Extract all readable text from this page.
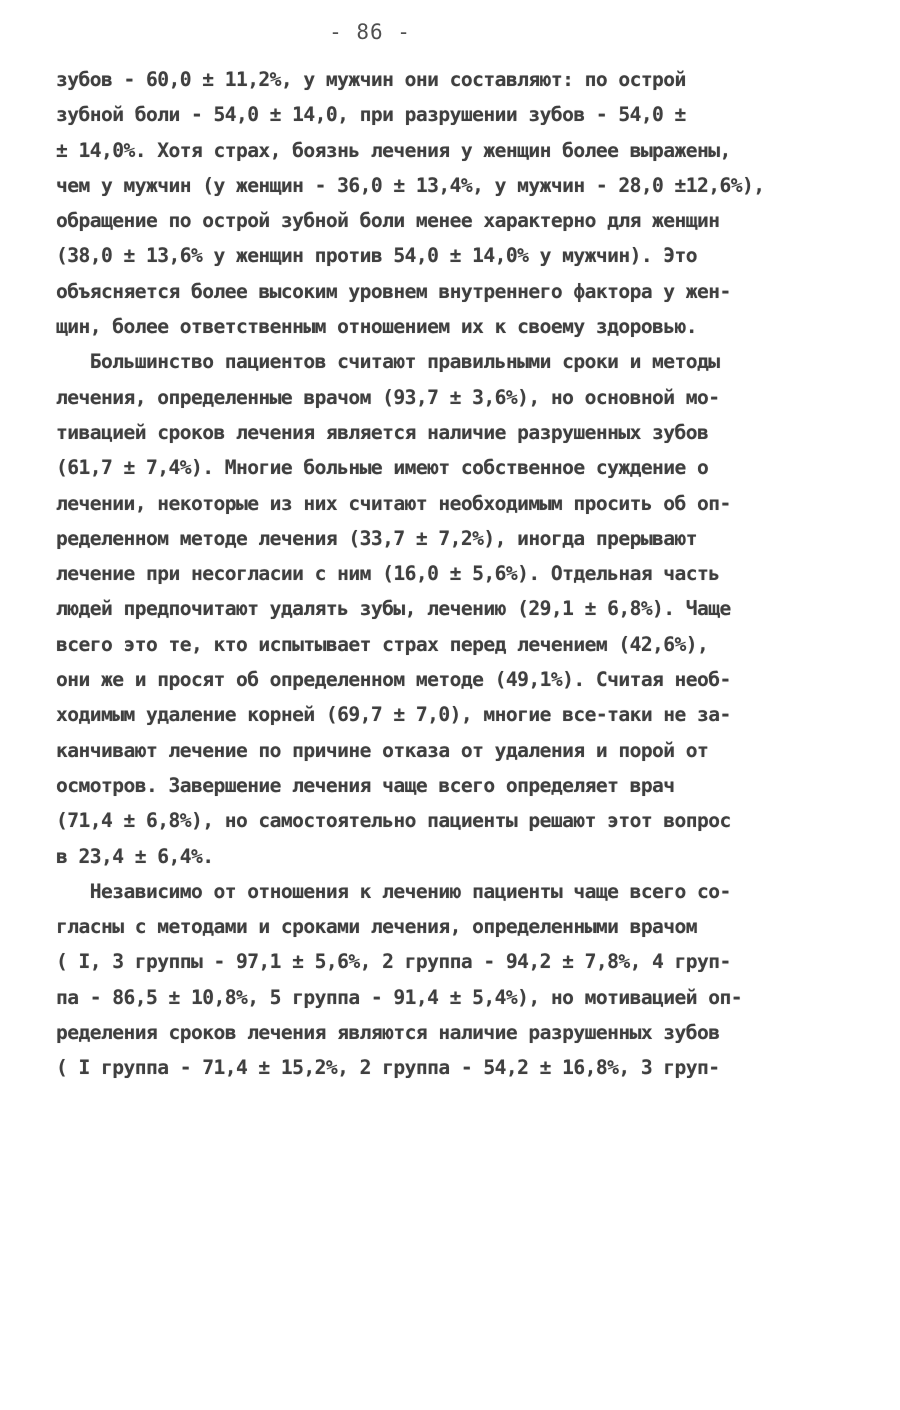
- 86 -
зубов - 60,0 ± 11,2%, у мужчин они составляют: по острой
зубной боли - 54,0 ± 14,0, при разрушении зубов - 54,0 ±
± 14,0%. Хотя страх, боязнь лечения у женщин более выражены,
чем у мужчин (у женщин - 36,0 ± 13,4%, у мужчин - 28,0 ±12,6%),
обращение по острой зубной боли менее характерно для женщин
(38,0 ± 13,6% у женщин против 54,0 ± 14,0% у мужчин). Это
объясняется более высоким уровнем внутреннего фактора у жен-
щин, более ответственным отношением их к своему здоровью.
Большинство пациентов считают правильными сроки и методы
лечения, определенные врачом (93,7 ± 3,6%), но основной мо-
тивацией сроков лечения является наличие разрушенных зубов
(61,7 ± 7,4%). Многие больные имеют собственное суждение о
лечении, некоторые из них считают необходимым просить об оп-
ределенном методе лечения (33,7 ± 7,2%), иногда прерывают
лечение при несогласии с ним (16,0 ± 5,6%). Отдельная часть
людей предпочитают удалять зубы, лечению (29,1 ± 6,8%). Чаще
всего это те, кто испытывает страх перед лечением (42,6%),
они же и просят об определенном методе (49,1%). Считая необ-
ходимым удаление корней (69,7 ± 7,0), многие все-таки не за-
канчивают лечение по причине отказа от удаления и порой от
осмотров. Завершение лечения чаще всего определяет врач
(71,4 ± 6,8%), но самостоятельно пациенты решают этот вопрос
в 23,4 ± 6,4%.
Независимо от отношения к лечению пациенты чаще всего со-
гласны с методами и сроками лечения, определенными врачом
( I, 3 группы - 97,1 ± 5,6%, 2 группа - 94,2 ± 7,8%, 4 груп-
па - 86,5 ± 10,8%, 5 группа - 91,4 ± 5,4%), но мотивацией оп-
ределения сроков лечения являются наличие разрушенных зубов
( I группа - 71,4 ± 15,2%, 2 группа - 54,2 ± 16,8%, 3 груп-
